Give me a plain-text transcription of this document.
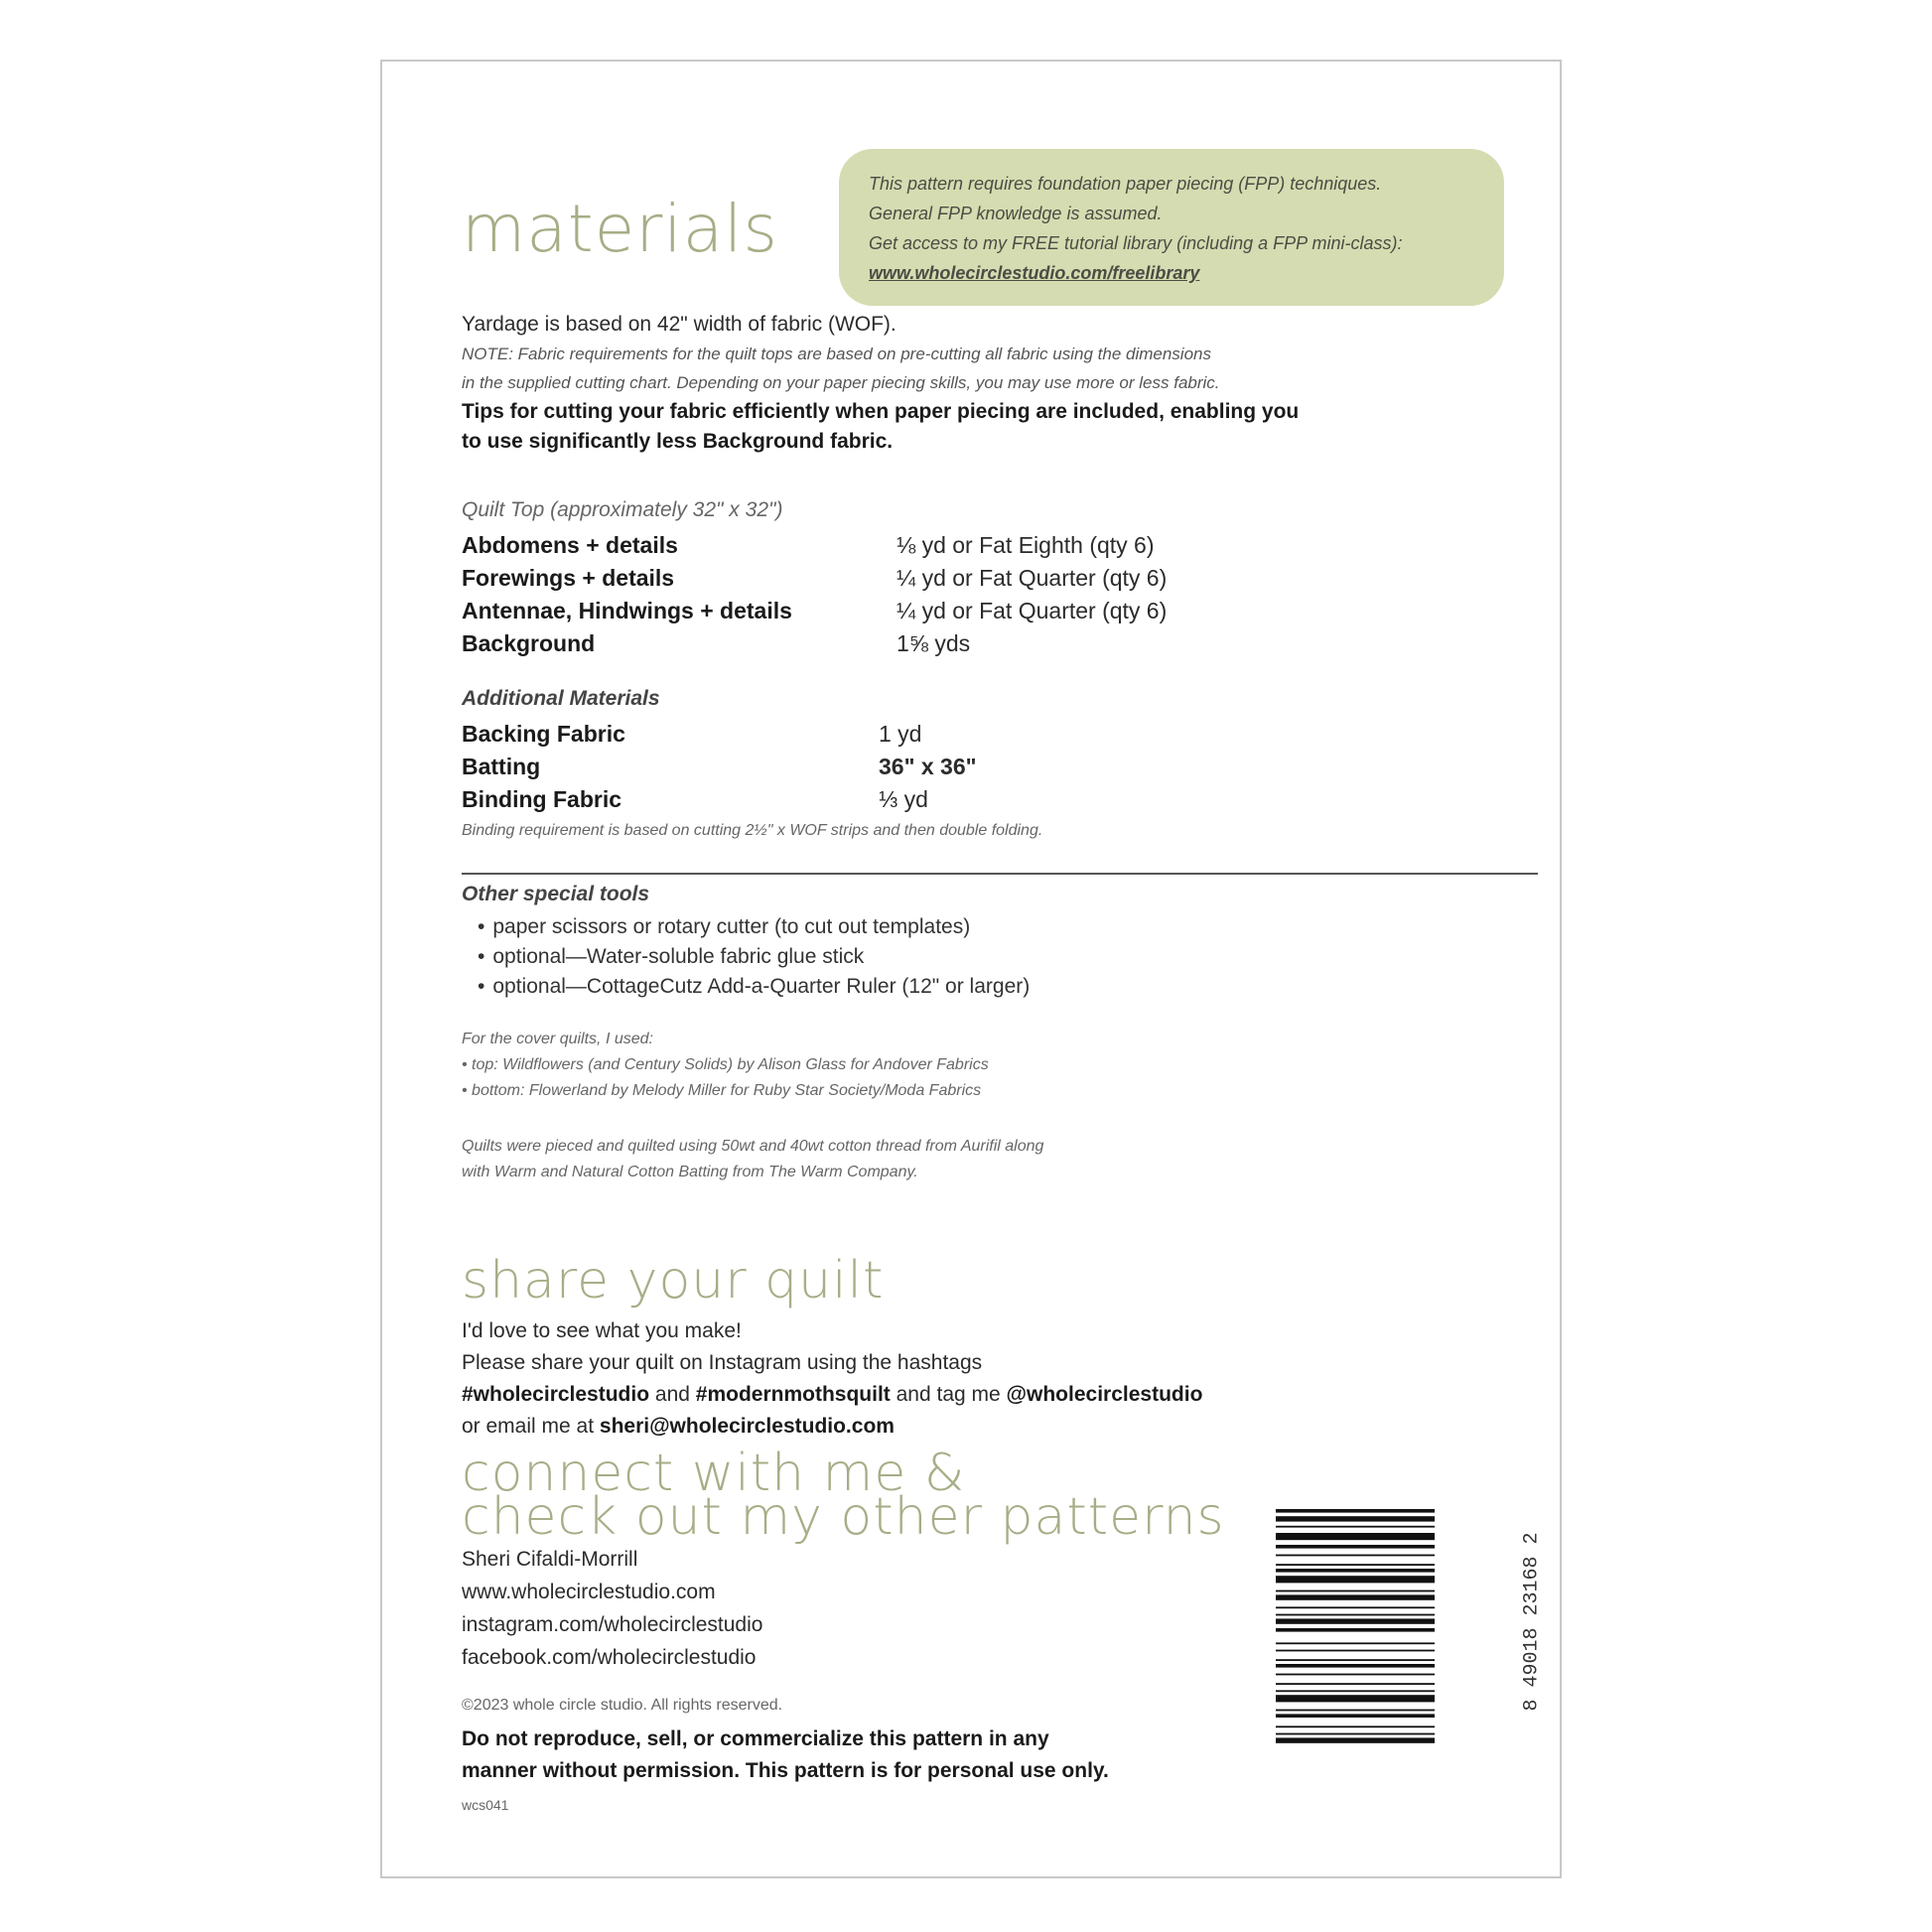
materials

This pattern requires foundation paper piecing (FPP) techniques.

General FPP knowledge is assumed.

Get access to my FREE tutorial library (including a FPP mini-class):

www.wholecirclestudio.com/freelibrary

Yardage is based on 42" width of fabric (WOF).
NOTE: Fabric requirements for the quilt tops are based on pre-cutting all fabric using the dimensions
in the supplied cutting chart. Depending on your paper piecing skills, you may use more or less fabric.
Tips for cutting your fabric efficiently when paper piecing are included, enabling you
to use significantly less Background fabric.
Quilt Top (approximately 32" x 32")
Abdomens + details	⅛ yd or Fat Eighth (qty 6)
Forewings + details	¼ yd or Fat Quarter (qty 6)
Antennae, Hindwings + details	¼ yd or Fat Quarter (qty 6)
Background	1⅝ yds
Additional Materials
Backing Fabric	1 yd
Batting	36" x 36"
Binding Fabric	⅓ yd
Binding requirement is based on cutting 2½" x WOF strips and then double folding.
Other special tools
• paper scissors or rotary cutter (to cut out templates)
• optional—Water-soluble fabric glue stick
• optional—CottageCutz Add-a-Quarter Ruler (12" or larger)
For the cover quilts, I used:
• top: Wildflowers (and Century Solids) by Alison Glass for Andover Fabrics
• bottom: Flowerland by Melody Miller for Ruby Star Society/Moda Fabrics
Quilts were pieced and quilted using 50wt and 40wt cotton thread from Aurifil along
with Warm and Natural Cotton Batting from The Warm Company.
share your quilt
I'd love to see what you make!
Please share your quilt on Instagram using the hashtags
#wholecirclestudio and #modernmothsquilt and tag me @wholecirclestudio
or email me at sheri@wholecirclestudio.com
connect with me &
check out my other patterns
Sheri Cifaldi-Morrill
www.wholecirclestudio.com
instagram.com/wholecirclestudio
facebook.com/wholecirclestudio
©2023 whole circle studio. All rights reserved.
Do not reproduce, sell, or commercialize this pattern in any
manner without permission. This pattern is for personal use only.
wcs041
8 49018 23168 2
